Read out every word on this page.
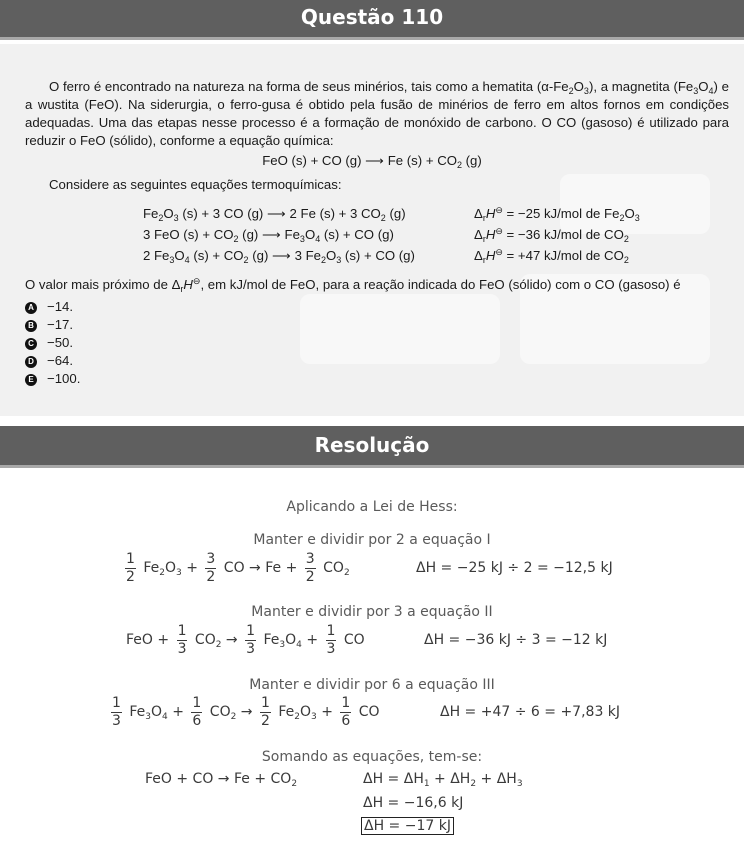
Questão 110
O ferro é encontrado na natureza na forma de seus minérios, tais como a hematita $(\alpha-Fe_2O_3)$, a magnetita $(Fe_3O_4)$ e a wustita (FeO). Na siderurgia, o ferro-gusa é obtido pela fusão de minérios de ferro em altos fornos em condições adequadas. Uma das etapas nesse processo é a formação de monóxido de carbono. O CO (gasoso) é utilizado para reduzir o FeO (sólido), conforme a equação química:
FeO (s) + CO (g) ⟶ Fe $(s) + CO_2$ (g)
Considere as seguintes equações termoquímicas:
$Fe_2O_3$ (s) + 3 CO (g) ⟶ 2 Fe (s) + 3 $CO_2$ (g)	$\Delta_rH^⊖ = -25$ kJ/mol de $Fe_2O_3$
3 FeO $(s) + CO_2$ (g) ⟶ $Fe_3O_4$ (s) + CO (g)	$\Delta_rH^⊖ = -36$ kJ/mol de $CO_2$
2 $Fe_3O_4$ $(s) + CO_2$ (g) ⟶ 3 $Fe_2O_3$ (s) + CO (g)	$\Delta_rH^⊖ = +47$ kJ/mol de $CO_2$
O valor mais próximo de $\Delta_rH^⊖$, em kJ/mol de FeO, para a reação indicada do FeO (sólido) com o CO (gasoso) é
A −14.
B −17.
C −50.
D −64.
E −100.
Resolução
Aplicando a Lei de Hess:
Manter e dividir por 2 a equação I
$\frac{1}{2} Fe_2O_3 + \frac{3}{2}$ CO → $Fe + \frac{3}{2} CO_2$	ΔH = −25 kJ ÷ 2 = −12,5 kJ
Manter e dividir por 3 a equação II
FeO + $\frac{1}{3} CO_2 \to \frac{1}{3} Fe_3O_4 + \frac{1}{3}$ CO	ΔH = −36 kJ ÷ 3 = −12 kJ
Manter e dividir por 6 a equação III
$\frac{1}{3} Fe_3O_4 + \frac{1}{6} CO_2 \to \frac{1}{2} Fe_2O_3 + \frac{1}{6}$ CO	ΔH = +47 ÷ 6 = +7,83 kJ
Somando as equações, tem-se:
FeO + CO → $Fe + CO_2$	$\Delta H = \Delta H_1 + \Delta H_2 + \Delta H_3$
ΔH = −16,6 kJ
ΔH = −17 kJ
